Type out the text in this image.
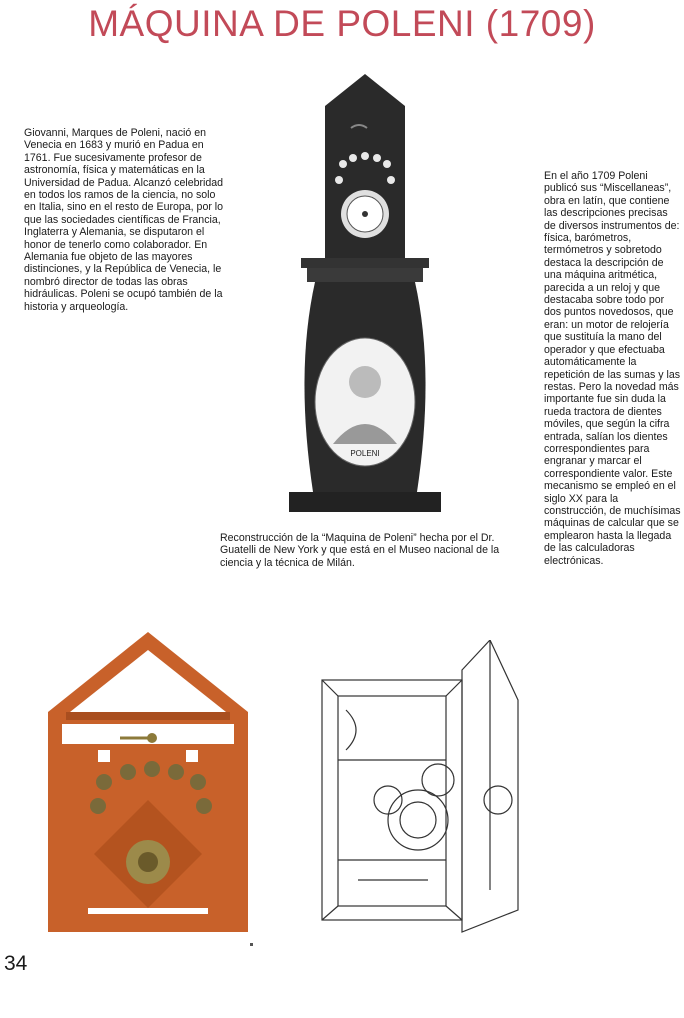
MÁQUINA DE POLENI (1709)
Giovanni, Marques de Poleni, nació en Venecia en 1683 y murió en Padua en 1761. Fue sucesivamente profesor de astronomía, física y matemáticas en la Universidad de Padua. Alcanzó celebridad en todos los ramos de la ciencia, no solo en Italia, sino en el resto de Europa, por lo que las sociedades científicas de Francia, Inglaterra y Alemania, se disputaron el honor de tenerlo como colaborador. En Alemania fue objeto de las mayores distinciones, y la República de Venecia, le nombró director de todas las obras hidráulicas. Poleni se ocupó también de la historia y arqueología.
POLENI
En el año 1709 Poleni publicó sus “Miscellaneas”, obra en latín, que contiene las descripciones precisas de diversos instrumentos de: física, barómetros, termómetros y sobretodo destaca la descripción de una máquina aritmética, parecida a un reloj y que destacaba sobre todo por dos puntos novedosos, que eran: un motor de relojería que sustituía la mano del operador y que efectuaba automáticamente la repetición de las sumas y las restas. Pero la novedad más importante fue sin duda la rueda tractora de dientes móviles, que según la cifra entrada, salían los dientes correspondientes para engranar y marcar el correspondiente valor. Este mecanismo se empleó en el siglo XX para la construcción, de muchísimas máquinas de calcular que se emplearon hasta la llegada de las calculadoras electrónicas.
Reconstrucción de la “Maquina de Poleni” hecha por el Dr. Guatelli de New York y que está en el Museo nacional de la ciencia y la técnica de Milán.
34
